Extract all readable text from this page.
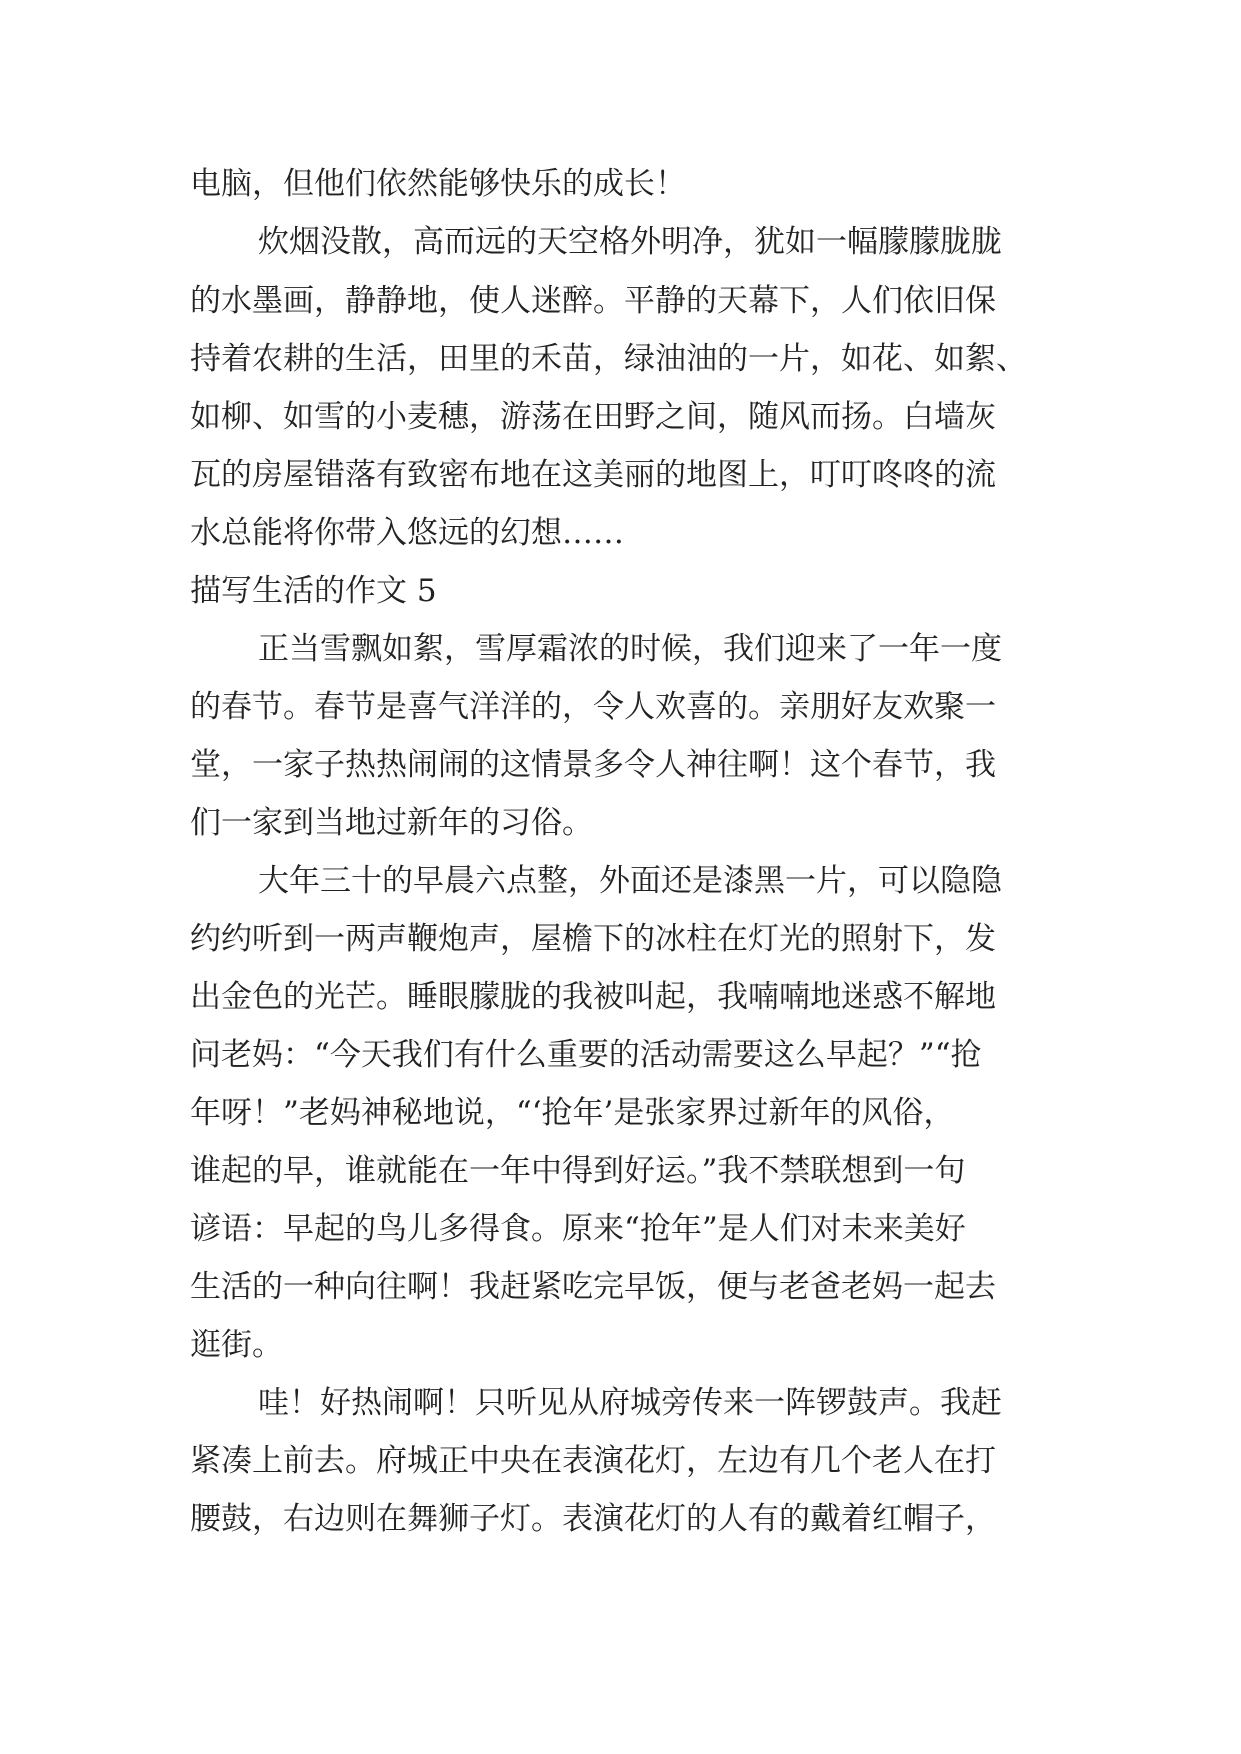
电脑，但他们依然能够快乐的成长！
炊烟没散，高而远的天空格外明净，犹如一幅朦朦胧胧
的水墨画，静静地，使人迷醉。平静的天幕下，人们依旧保
持着农耕的生活，田里的禾苗，绿油油的一片，如花、如絮、
如柳、如雪的小麦穗，游荡在田野之间，随风而扬。白墙灰
瓦的房屋错落有致密布地在这美丽的地图上，叮叮咚咚的流
水总能将你带入悠远的幻想……
描写生活的作文 5
正当雪飘如絮，雪厚霜浓的时候，我们迎来了一年一度
的春节。春节是喜气洋洋的，令人欢喜的。亲朋好友欢聚一
堂，一家子热热闹闹的这情景多令人神往啊！这个春节，我
们一家到当地过新年的习俗。
大年三十的早晨六点整，外面还是漆黑一片，可以隐隐
约约听到一两声鞭炮声，屋檐下的冰柱在灯光的照射下，发
出金色的光芒。睡眼朦胧的我被叫起，我喃喃地迷惑不解地
问老妈：“今天我们有什么重要的活动需要这么早起？”“抢
年呀！”老妈神秘地说，“‘抢年’是张家界过新年的风俗，
谁起的早，谁就能在一年中得到好运。”我不禁联想到一句
谚语：早起的鸟儿多得食。原来“抢年”是人们对未来美好
生活的一种向往啊！我赶紧吃完早饭，便与老爸老妈一起去
逛街。
哇！好热闹啊！只听见从府城旁传来一阵锣鼓声。我赶
紧凑上前去。府城正中央在表演花灯，左边有几个老人在打
腰鼓，右边则在舞狮子灯。表演花灯的人有的戴着红帽子，
